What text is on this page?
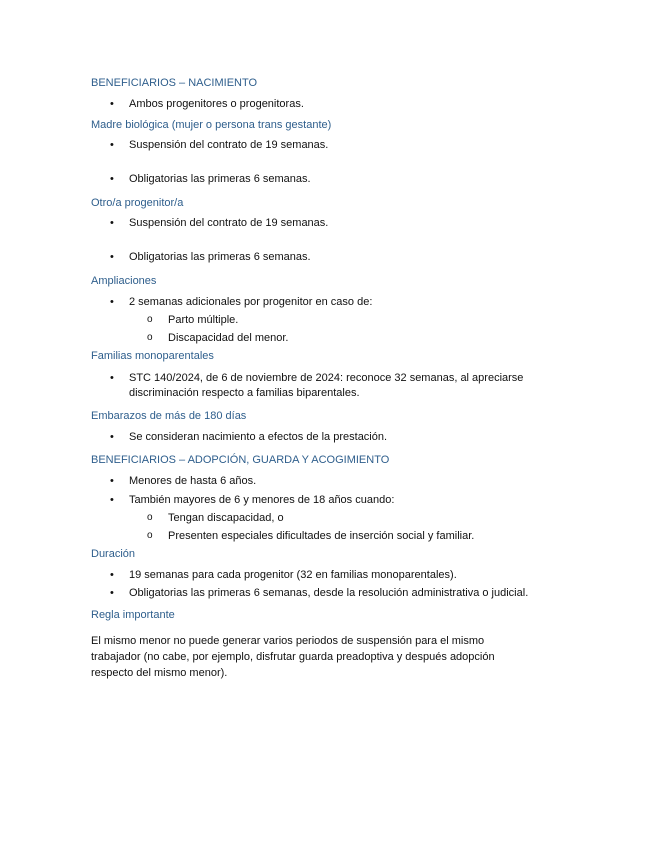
BENEFICIARIOS – NACIMIENTO
• Ambos progenitores o progenitoras.
Madre biológica (mujer o persona trans gestante)
• Suspensión del contrato de 19 semanas.
• Obligatorias las primeras 6 semanas.
Otro/a progenitor/a
• Suspensión del contrato de 19 semanas.
• Obligatorias las primeras 6 semanas.
Ampliaciones
• 2 semanas adicionales por progenitor en caso de:
o Parto múltiple.
o Discapacidad del menor.
Familias monoparentales
• STC 140/2024, de 6 de noviembre de 2024: reconoce 32 semanas, al apreciarse discriminación respecto a familias biparentales.
Embarazos de más de 180 días
• Se consideran nacimiento a efectos de la prestación.
BENEFICIARIOS – ADOPCIÓN, GUARDA Y ACOGIMIENTO
• Menores de hasta 6 años.
• También mayores de 6 y menores de 18 años cuando:
o Tengan discapacidad, o
o Presenten especiales dificultades de inserción social y familiar.
Duración
• 19 semanas para cada progenitor (32 en familias monoparentales).
• Obligatorias las primeras 6 semanas, desde la resolución administrativa o judicial.
Regla importante

El mismo menor no puede generar varios periodos de suspensión para el mismo trabajador (no cabe, por ejemplo, disfrutar guarda preadoptiva y después adopción respecto del mismo menor).
